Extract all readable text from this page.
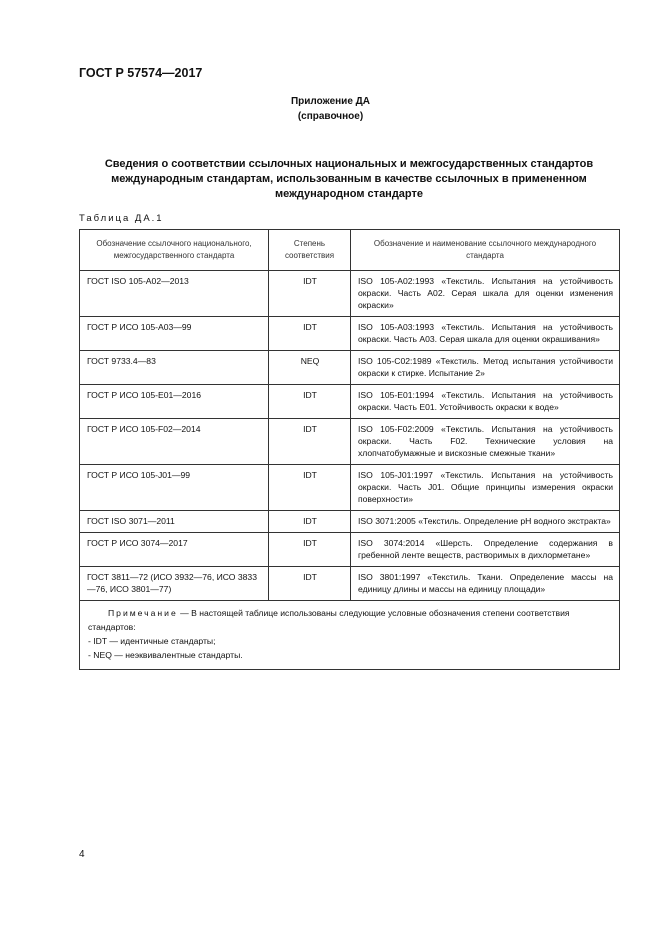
ГОСТ Р 57574—2017
Приложение ДА
(справочное)
Сведения о соответствии ссылочных национальных и межгосударственных стандартов международным стандартам, использованным в качестве ссылочных в примененном международном стандарте
Таблица ДА.1
Обозначение ссылочного национального, межгосударственного стандарта	Степень соответствия	Обозначение и наименование ссылочного международного стандарта
ГОСТ ISO 105-A02—2013	IDT	ISO 105-A02:1993 «Текстиль. Испытания на устойчивость окраски. Часть А02. Серая шкала для оценки изменения окраски»
ГОСТ Р ИСО 105-А03—99	IDT	ISO 105-A03:1993 «Текстиль. Испытания на устойчивость окраски. Часть А03. Серая шкала для оценки окрашивания»
ГОСТ 9733.4—83	NEQ	ISO 105-C02:1989 «Текстиль. Метод испытания устойчивости окраски к стирке. Испытание 2»
ГОСТ Р ИСО 105-E01—2016	IDT	ISO 105-E01:1994 «Текстиль. Испытания на устойчивость окраски. Часть Е01. Устойчивость окраски к воде»
ГОСТ Р ИСО 105-F02—2014	IDT	ISO 105-F02:2009 «Текстиль. Испытания на устойчивость окраски. Часть F02. Технические условия на хлопчатобумажные и вискозные смежные ткани»
ГОСТ Р ИСО 105-J01—99	IDT	ISO 105-J01:1997 «Текстиль. Испытания на устойчивость окраски. Часть J01. Общие принципы измерения окраски поверхности»
ГОСТ ISO 3071—2011	IDT	ISO 3071:2005 «Текстиль. Определение pH водного экстракта»
ГОСТ Р ИСО 3074—2017	IDT	ISO 3074:2014 «Шерсть. Определение содержания в гребенной ленте веществ, растворимых в дихлорметане»
ГОСТ 3811—72 (ИСО 3932—76, ИСО 3833—76, ИСО 3801—77)	IDT	ISO 3801:1997 «Текстиль. Ткани. Определение массы на единицу длины и массы на единицу площади»

Примечание — В настоящей таблице использованы следующие условные обозначения степени соответствия стандартов:
- IDT — идентичные стандарты;
- NEQ — неэквивалентные стандарты.		
4
